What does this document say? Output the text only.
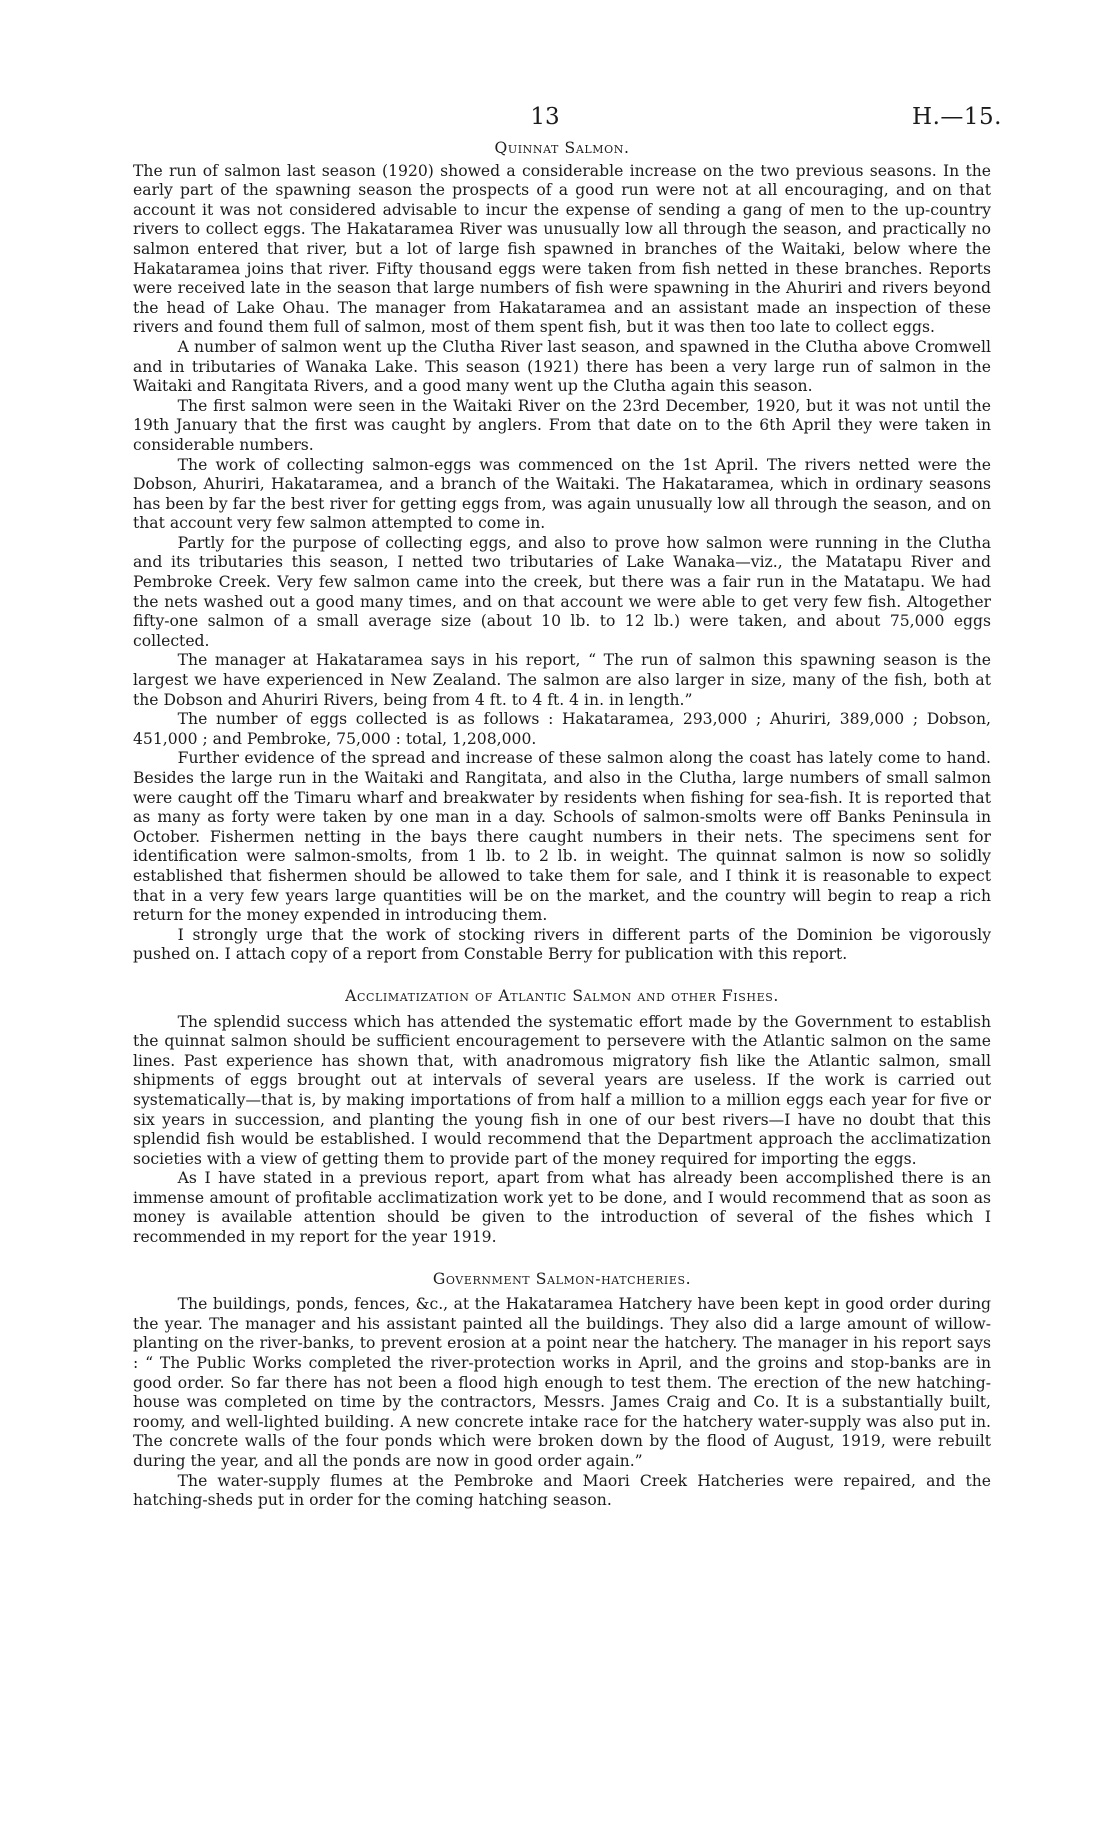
13	H.—15.
Quinnat Salmon.

The run of salmon last season (1920) showed a considerable increase on the two previous seasons. In the early part of the spawning season the prospects of a good run were not at all encouraging, and on that account it was not considered advisable to incur the expense of sending a gang of men to the up-country rivers to collect eggs. The Hakataramea River was unusually low all through the season, and practically no salmon entered that river, but a lot of large fish spawned in branches of the Waitaki, below where the Hakataramea joins that river. Fifty thousand eggs were taken from fish netted in these branches. Reports were received late in the season that large numbers of fish were spawning in the Ahuriri and rivers beyond the head of Lake Ohau. The manager from Hakataramea and an assistant made an inspection of these rivers and found them full of salmon, most of them spent fish, but it was then too late to collect eggs.

A number of salmon went up the Clutha River last season, and spawned in the Clutha above Cromwell and in tributaries of Wanaka Lake. This season (1921) there has been a very large run of salmon in the Waitaki and Rangitata Rivers, and a good many went up the Clutha again this season.

The first salmon were seen in the Waitaki River on the 23rd December, 1920, but it was not until the 19th January that the first was caught by anglers. From that date on to the 6th April they were taken in considerable numbers.

The work of collecting salmon-eggs was commenced on the 1st April. The rivers netted were the Dobson, Ahuriri, Hakataramea, and a branch of the Waitaki. The Hakataramea, which in ordinary seasons has been by far the best river for getting eggs from, was again unusually low all through the season, and on that account very few salmon attempted to come in.

Partly for the purpose of collecting eggs, and also to prove how salmon were running in the Clutha and its tributaries this season, I netted two tributaries of Lake Wanaka—viz., the Matatapu River and Pembroke Creek. Very few salmon came into the creek, but there was a fair run in the Matatapu. We had the nets washed out a good many times, and on that account we were able to get very few fish. Altogether fifty-one salmon of a small average size (about 10 lb. to 12 lb.) were taken, and about 75,000 eggs collected.

The manager at Hakataramea says in his report, “ The run of salmon this spawning season is the largest we have experienced in New Zealand. The salmon are also larger in size, many of the fish, both at the Dobson and Ahuriri Rivers, being from 4 ft. to 4 ft. 4 in. in length.”

The number of eggs collected is as follows : Hakataramea, 293,000 ; Ahuriri, 389,000 ; Dobson, 451,000 ; and Pembroke, 75,000 : total, 1,208,000.

Further evidence of the spread and increase of these salmon along the coast has lately come to hand. Besides the large run in the Waitaki and Rangitata, and also in the Clutha, large numbers of small salmon were caught off the Timaru wharf and breakwater by residents when fishing for sea-fish. It is reported that as many as forty were taken by one man in a day. Schools of salmon-smolts were off Banks Peninsula in October. Fishermen netting in the bays there caught numbers in their nets. The specimens sent for identification were salmon-smolts, from 1 lb. to 2 lb. in weight. The quinnat salmon is now so solidly established that fishermen should be allowed to take them for sale, and I think it is reasonable to expect that in a very few years large quantities will be on the market, and the country will begin to reap a rich return for the money expended in introducing them.

I strongly urge that the work of stocking rivers in different parts of the Dominion be vigorously pushed on. I attach copy of a report from Constable Berry for publication with this report.

Acclimatization of Atlantic Salmon and other Fishes.

The splendid success which has attended the systematic effort made by the Government to establish the quinnat salmon should be sufficient encouragement to persevere with the Atlantic salmon on the same lines. Past experience has shown that, with anadromous migratory fish like the Atlantic salmon, small shipments of eggs brought out at intervals of several years are useless. If the work is carried out systematically—that is, by making importations of from half a million to a million eggs each year for five or six years in succession, and planting the young fish in one of our best rivers—I have no doubt that this splendid fish would be established. I would recommend that the Department approach the acclimatization societies with a view of getting them to provide part of the money required for importing the eggs.

As I have stated in a previous report, apart from what has already been accomplished there is an immense amount of profitable acclimatization work yet to be done, and I would recommend that as soon as money is available attention should be given to the introduction of several of the fishes which I recommended in my report for the year 1919.

Government Salmon-hatcheries.

The buildings, ponds, fences, &c., at the Hakataramea Hatchery have been kept in good order during the year. The manager and his assistant painted all the buildings. They also did a large amount of willow-planting on the river-banks, to prevent erosion at a point near the hatchery. The manager in his report says : “ The Public Works completed the river-protection works in April, and the groins and stop-banks are in good order. So far there has not been a flood high enough to test them. The erection of the new hatching-house was completed on time by the contractors, Messrs. James Craig and Co. It is a substantially built, roomy, and well-lighted building. A new concrete intake race for the hatchery water-supply was also put in. The concrete walls of the four ponds which were broken down by the flood of August, 1919, were rebuilt during the year, and all the ponds are now in good order again.”

The water-supply flumes at the Pembroke and Maori Creek Hatcheries were repaired, and the hatching-sheds put in order for the coming hatching season.
